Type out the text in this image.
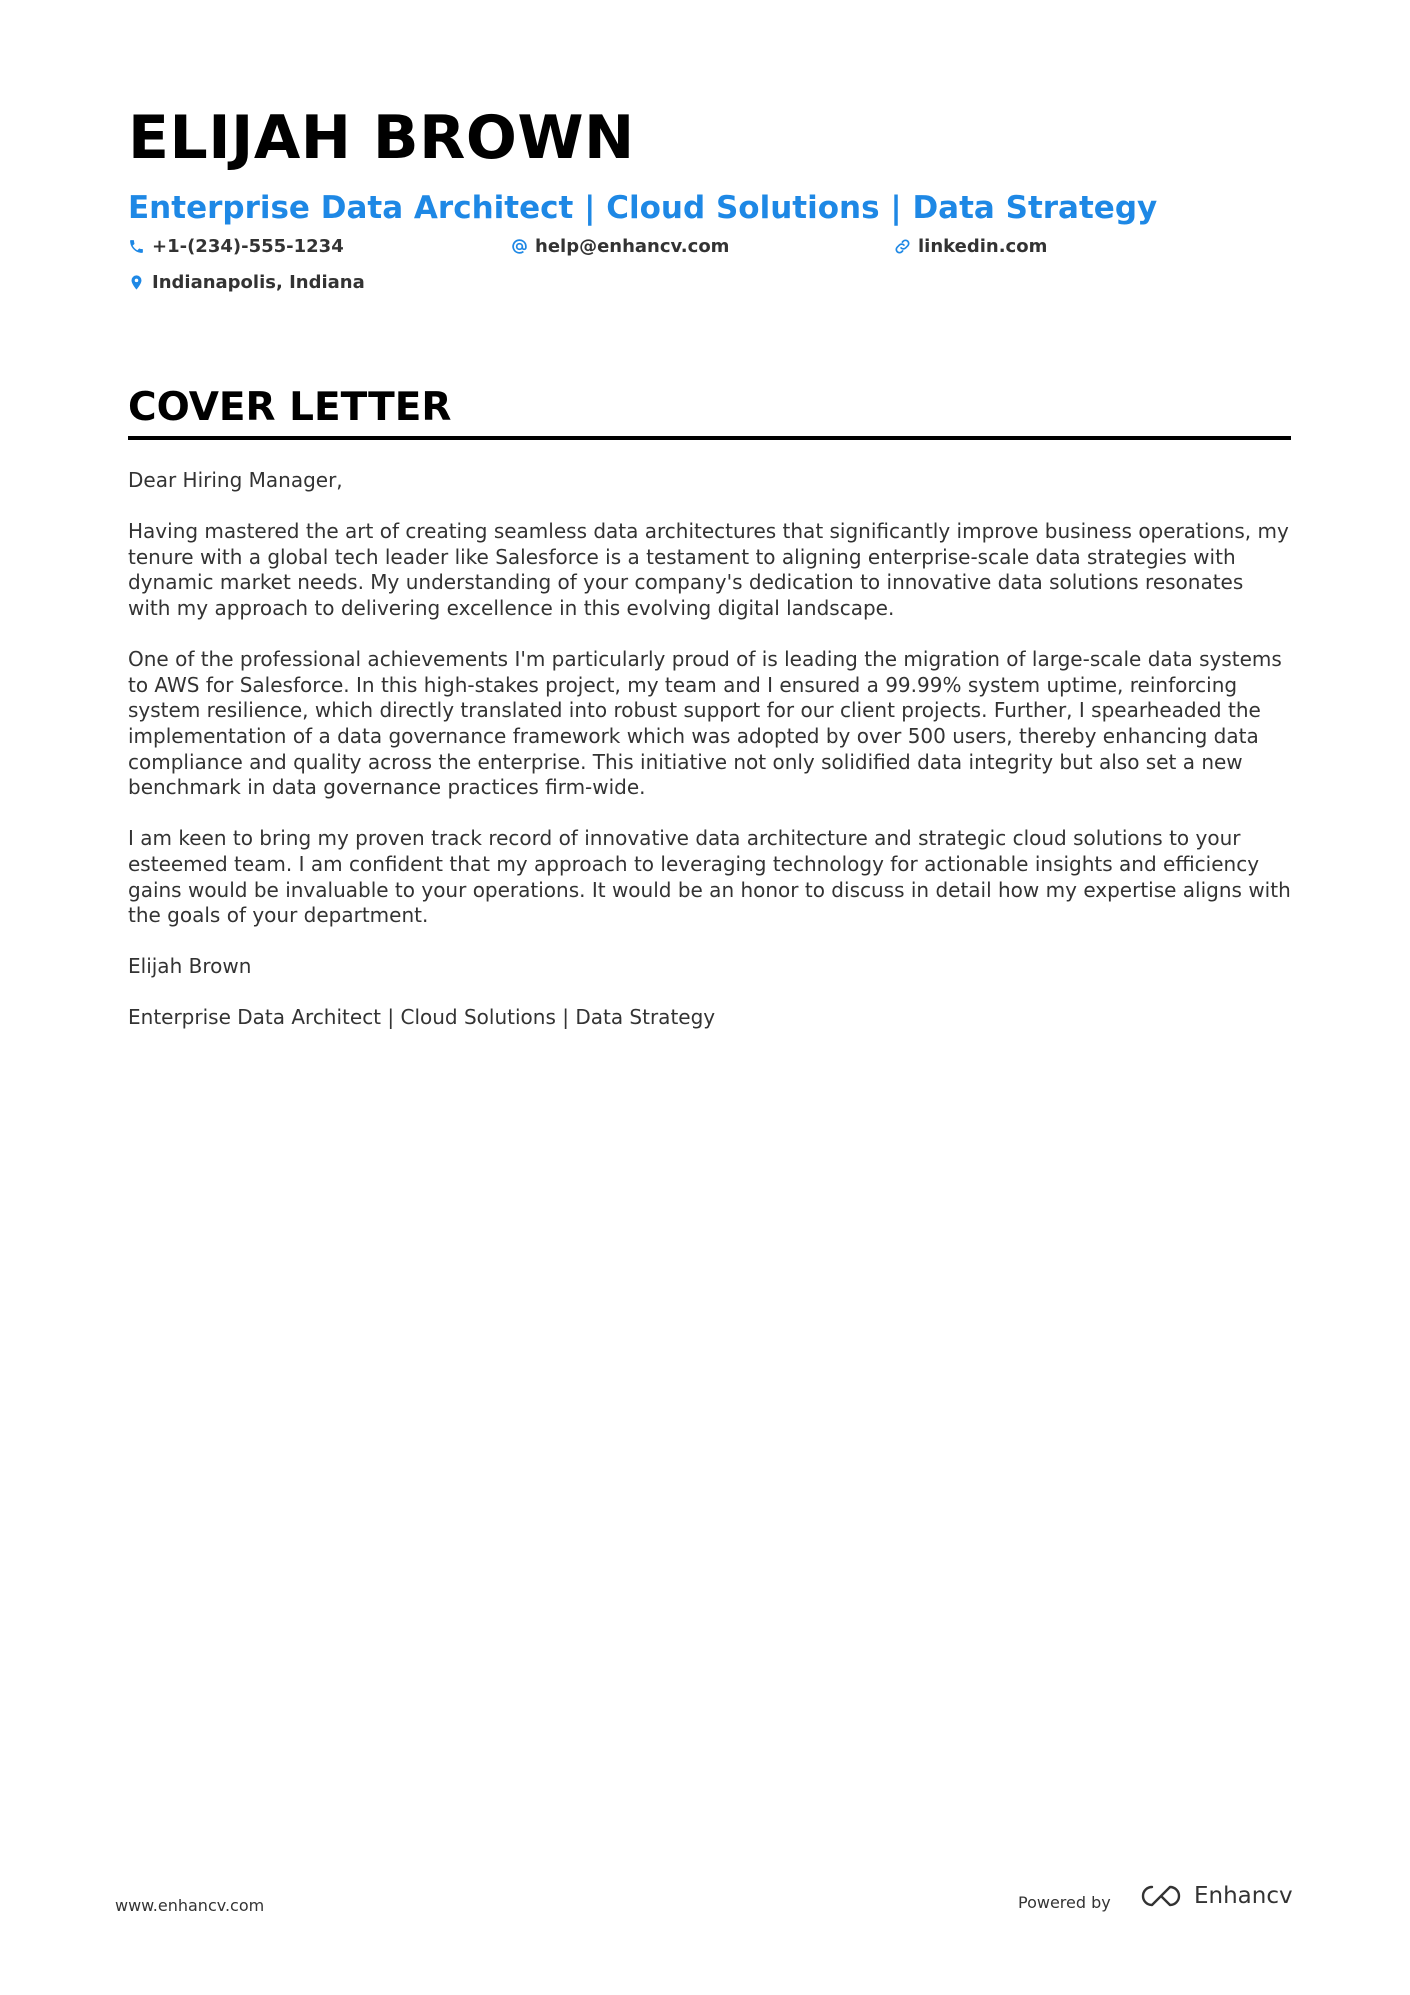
ELIJAH BROWN
Enterprise Data Architect | Cloud Solutions | Data Strategy
+1-(234)-555-1234	help@enhancv.com	linkedin.com
Indianapolis, Indiana
COVER LETTER

Dear Hiring Manager,

Having mastered the art of creating seamless data architectures that significantly improve business operations, my tenure with a global tech leader like Salesforce is a testament to aligning enterprise-scale data strategies with dynamic market needs. My understanding of your company's dedication to innovative data solutions resonates with my approach to delivering excellence in this evolving digital landscape.

One of the professional achievements I'm particularly proud of is leading the migration of large-scale data systems to AWS for Salesforce. In this high-stakes project, my team and I ensured a 99.99% system uptime, reinforcing system resilience, which directly translated into robust support for our client projects. Further, I spearheaded the implementation of a data governance framework which was adopted by over 500 users, thereby enhancing data compliance and quality across the enterprise. This initiative not only solidified data integrity but also set a new benchmark in data governance practices firm-wide.

I am keen to bring my proven track record of innovative data architecture and strategic cloud solutions to your esteemed team. I am confident that my approach to leveraging technology for actionable insights and efficiency gains would be invaluable to your operations. It would be an honor to discuss in detail how my expertise aligns with the goals of your department.

Elijah Brown

Enterprise Data Architect | Cloud Solutions | Data Strategy

www.enhancv.com	Powered by	Enhancv
